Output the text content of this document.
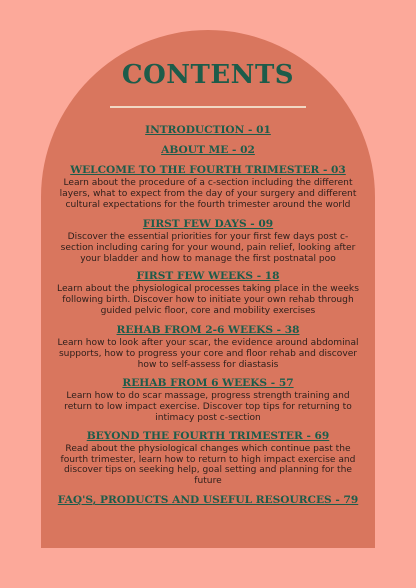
CONTENTS
INTRODUCTION - 01
ABOUT ME - 02
WELCOME TO THE FOURTH TRIMESTER - 03
Learn about the procedure of a c-section including the different layers, what to expect from the day of your surgery and different cultural expectations for the fourth trimester around the world
FIRST FEW DAYS - 09
Discover the essential priorities for your first few days post c-section including caring for your wound, pain relief, looking after your bladder and how to manage the first postnatal poo
FIRST FEW WEEKS - 18
Learn about the physiological processes taking place in the weeks following birth. Discover how to initiate your own rehab through guided pelvic floor, core and mobility exercises
REHAB FROM 2-6 WEEKS - 38
Learn how to look after your scar, the evidence around abdominal supports, how to progress your core and floor rehab and discover how to self-assess for diastasis
REHAB FROM 6 WEEKS - 57
Learn how to do scar massage, progress strength training and return to low impact exercise. Discover top tips for returning to intimacy post c-section
BEYOND THE FOURTH TRIMESTER - 69
Read about the physiological changes which continue past the fourth trimester, learn how to return to high impact exercise and discover tips on seeking help, goal setting and planning for the future
FAQ'S, PRODUCTS AND USEFUL RESOURCES - 79
